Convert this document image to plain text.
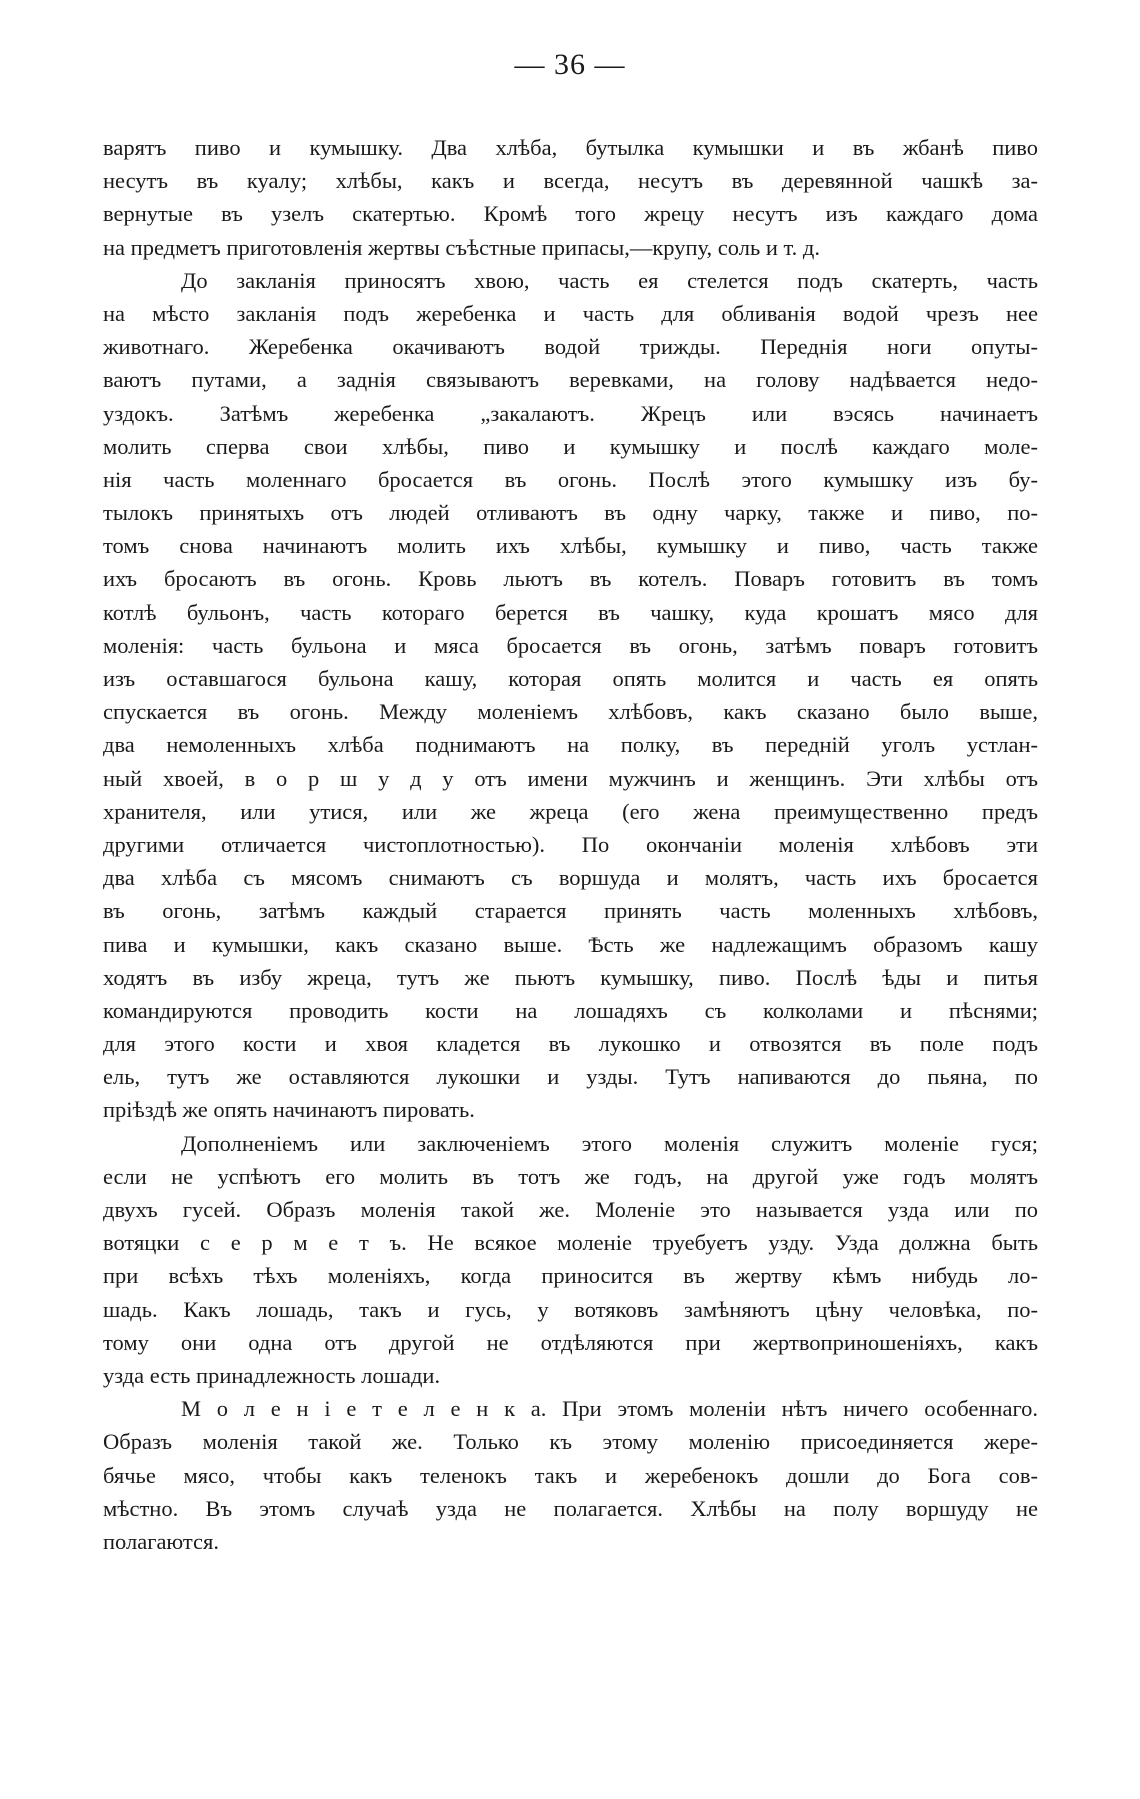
— 36 —
варятъ пиво и кумышку. Два хлѣба, бутылка кумышки и въ жбанѣ пиво
несутъ въ куалу; хлѣбы, какъ и всегда, несутъ въ деревянной чашкѣ за-
вернутые въ узелъ скатертью. Кромѣ того жрецу несутъ изъ каждаго дома
на предметъ приготовленія жертвы съѣстные припасы,—крупу, соль и т. д.
До закланія приносятъ хвою, часть ея стелется подъ скатерть, часть
на мѣсто закланія подъ жеребенка и часть для обливанія водой чрезъ нее
животнаго. Жеребенка окачиваютъ водой трижды. Переднія ноги опуты-
ваютъ путами, а заднія связываютъ веревками, на голову надѣвается недо-
уздокъ. Затѣмъ жеребенка „закалаютъ. Жрецъ или вэсясь начинаетъ
молить сперва свои хлѣбы, пиво и кумышку и послѣ каждаго моле-
нія часть моленнаго бросается въ огонь. Послѣ этого кумышку изъ бу-
тылокъ принятыхъ отъ людей отливаютъ въ одну чарку, также и пиво, по-
томъ снова начинаютъ молить ихъ хлѣбы, кумышку и пиво, часть также
ихъ бросаютъ въ огонь. Кровь льютъ въ котелъ. Поваръ готовитъ въ томъ
котлѣ бульонъ, часть котораго берется въ чашку, куда крошатъ мясо для
моленія: часть бульона и мяса бросается въ огонь, затѣмъ поваръ готовитъ
изъ оставшагося бульона кашу, которая опять молится и часть ея опять
спускается въ огонь. Между моленіемъ хлѣбовъ, какъ сказано было выше,
два немоленныхъ хлѣба поднимаютъ на полку, въ передній уголъ устлан-
ный хвоей, в о р ш у д у отъ имени мужчинъ и женщинъ. Эти хлѣбы отъ
хранителя, или утися, или же жреца (его жена преимущественно предъ
другими отличается чистоплотностью). По окончаніи моленія хлѣбовъ эти
два хлѣба съ мясомъ снимаютъ съ воршуда и молятъ, часть ихъ бросается
въ огонь, затѣмъ каждый старается принять часть моленныхъ хлѣбовъ,
пива и кумышки, какъ сказано выше. Ѣсть же надлежащимъ образомъ кашу
ходятъ въ избу жреца, тутъ же пьютъ кумышку, пиво. Послѣ ѣды и питья
командируются проводить кости на лошадяхъ съ колколами и пѣснями;
для этого кости и хвоя кладется въ лукошко и отвозятся въ поле подъ
ель, тутъ же оставляются лукошки и узды. Тутъ напиваются до пьяна, по
пріѣздѣ же опять начинаютъ пировать.
Дополненіемъ или заключеніемъ этого моленія служитъ моленіе гуся;
если не успѣютъ его молить въ тотъ же годъ, на другой уже годъ молятъ
двухъ гусей. Образъ моленія такой же. Моленіе это называется узда или по
вотяцки с е р м е т ъ. Не всякое моленіе труебуетъ узду. Узда должна быть
при всѣхъ тѣхъ моленіяхъ, когда приносится въ жертву кѣмъ нибудь ло-
шадь. Какъ лошадь, такъ и гусь, у вотяковъ замѣняютъ цѣну человѣка, по-
тому они одна отъ другой не отдѣляются при жертвоприношеніяхъ, какъ
узда есть принадлежность лошади.
М о л е н і е т е л е н к а. При этомъ моленіи нѣтъ ничего особеннаго.
Образъ моленія такой же. Только къ этому моленію присоединяется жере-
бячье мясо, чтобы какъ теленокъ такъ и жеребенокъ дошли до Бога сов-
мѣстно. Въ этомъ случаѣ узда не полагается. Хлѣбы на полу воршуду не
полагаются.
